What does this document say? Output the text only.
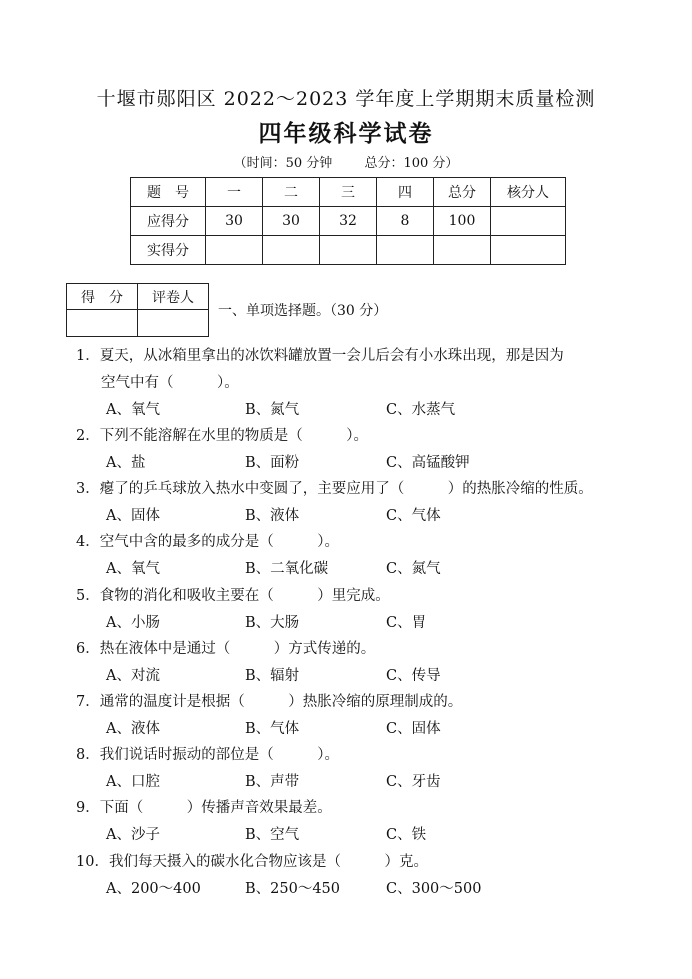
十堰市郧阳区 2022～2023 学年度上学期期末质量检测
四年级科学试卷
（时间：50 分钟 总分：100 分）
题　号	一	二	三	四	总分	核分人
应得分	30	30	32	8	100	
实得分						
得　分	评卷人

一、单项选择题。（30 分）
1．夏天，从冰箱里拿出的冰饮料罐放置一会儿后会有小水珠出现，那是因为
空气中有（　　　）。
A、氧气	B、氮气	C、水蒸气
2．下列不能溶解在水里的物质是（　　　）。
A、盐	B、面粉	C、高锰酸钾
3．瘪了的乒乓球放入热水中变圆了，主要应用了（　　　）的热胀冷缩的性质。
A、固体	B、液体	C、气体
4．空气中含的最多的成分是（　　　）。
A、氧气	B、二氧化碳	C、氮气
5．食物的消化和吸收主要在（　　　）里完成。
A、小肠	B、大肠	C、胃
6．热在液体中是通过（　　　）方式传递的。
A、对流	B、辐射	C、传导
7．通常的温度计是根据（　　　）热胀冷缩的原理制成的。
A、液体	B、气体	C、固体
8．我们说话时振动的部位是（　　　）。
A、口腔	B、声带	C、牙齿
9．下面（　　　）传播声音效果最差。
A、沙子	B、空气	C、铁
10．我们每天摄入的碳水化合物应该是（　　　）克。
A、200～400	B、250～450	C、300～500
